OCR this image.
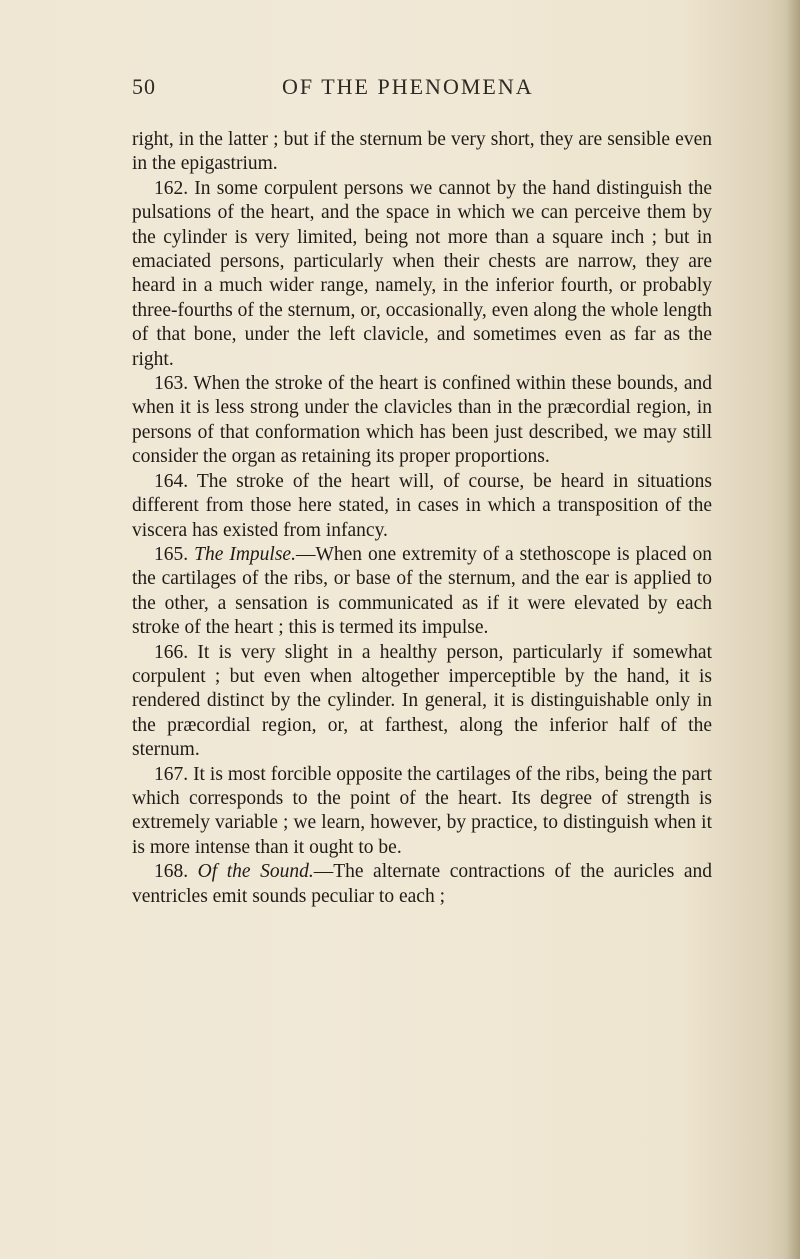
50	OF THE PHENOMENA

right, in the latter ; but if the sternum be very short, they are sensible even in the epigastrium.

162. In some corpulent persons we cannot by the hand distinguish the pulsations of the heart, and the space in which we can perceive them by the cylinder is very limited, being not more than a square inch ; but in emaciated persons, particularly when their chests are narrow, they are heard in a much wider range, namely, in the inferior fourth, or probably three-fourths of the sternum, or, occasionally, even along the whole length of that bone, under the left clavicle, and sometimes even as far as the right.

163. When the stroke of the heart is confined within these bounds, and when it is less strong under the clavicles than in the præcordial region, in persons of that conformation which has been just described, we may still consider the organ as retaining its proper proportions.

164. The stroke of the heart will, of course, be heard in situations different from those here stated, in cases in which a transposition of the viscera has existed from infancy.

165. The Impulse.—When one extremity of a stethoscope is placed on the cartilages of the ribs, or base of the sternum, and the ear is applied to the other, a sensation is communicated as if it were elevated by each stroke of the heart ; this is termed its impulse.

166. It is very slight in a healthy person, particularly if somewhat corpulent ; but even when altogether imperceptible by the hand, it is rendered distinct by the cylinder. In general, it is distinguishable only in the præcordial region, or, at farthest, along the inferior half of the sternum.

167. It is most forcible opposite the cartilages of the ribs, being the part which corresponds to the point of the heart. Its degree of strength is extremely variable ; we learn, however, by practice, to distinguish when it is more intense than it ought to be.

168. Of the Sound.—The alternate contractions of the auricles and ventricles emit sounds peculiar to each ;
